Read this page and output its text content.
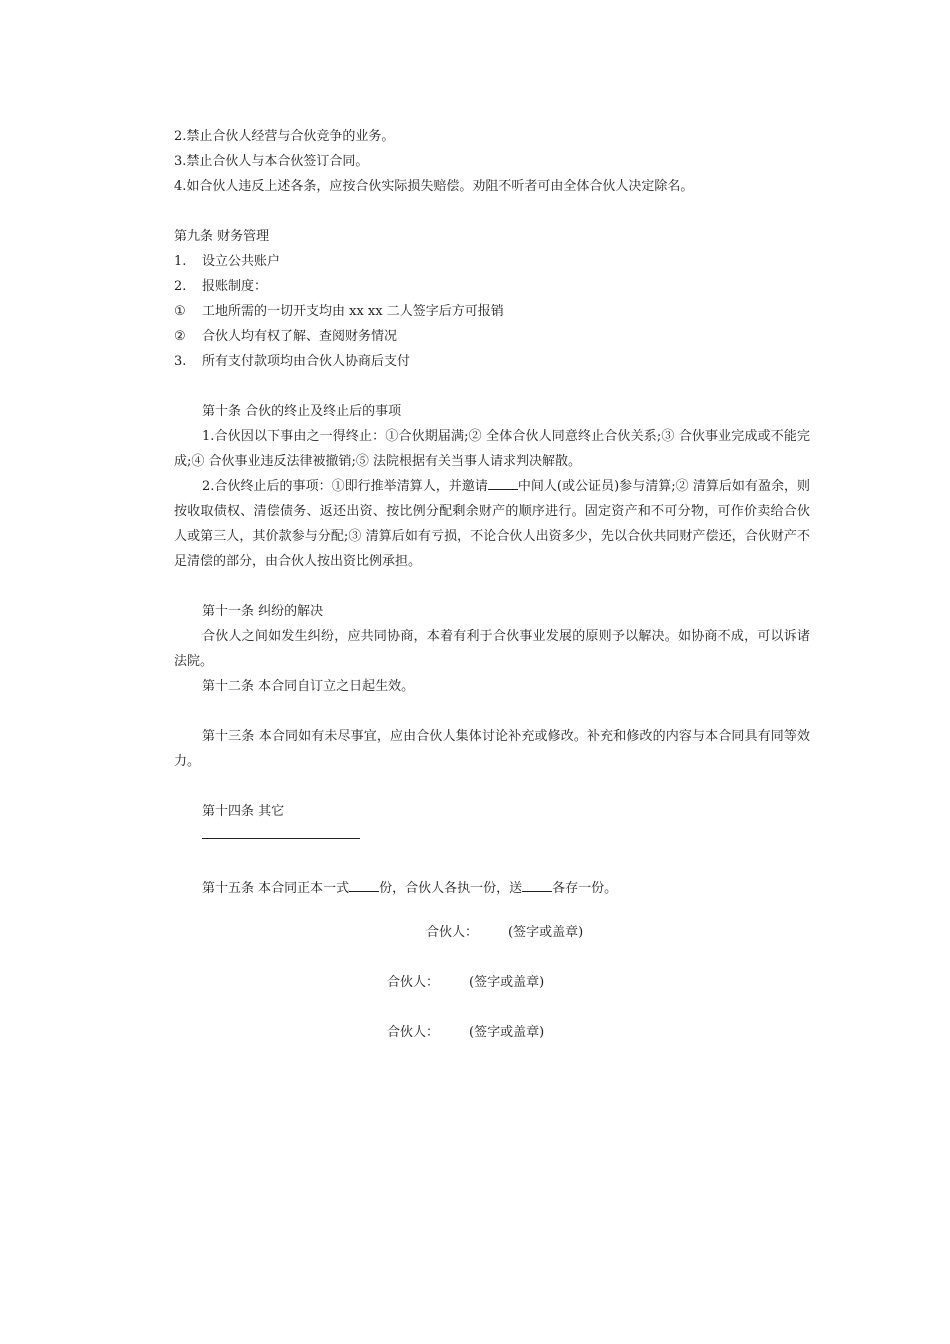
2.禁止合伙人经营与合伙竞争的业务。
3.禁止合伙人与本合伙签订合同。
4.如合伙人违反上述各条，应按合伙实际损失赔偿。劝阻不听者可由全体合伙人决定除名。
第九条 财务管理
1. 设立公共账户
2. 报账制度：
① 工地所需的一切开支均由 xx xx 二人签字后方可报销
② 合伙人均有权了解、查阅财务情况
3. 所有支付款项均由合伙人协商后支付
第十条 合伙的终止及终止后的事项
1.合伙因以下事由之一得终止：①合伙期届满;② 全体合伙人同意终止合伙关系;③ 合伙事业完成或不能完成;④ 合伙事业违反法律被撤销;⑤ 法院根据有关当事人请求判决解散。
2.合伙终止后的事项：①即行推举清算人，并邀请 中间人(或公证员)参与清算;② 清算后如有盈余，则按收取债权、清偿债务、返还出资、按比例分配剩余财产的顺序进行。固定资产和不可分物，可作价卖给合伙人或第三人，其价款参与分配;③ 清算后如有亏损，不论合伙人出资多少，先以合伙共同财产偿还，合伙财产不足清偿的部分，由合伙人按出资比例承担。
第十一条 纠纷的解决
合伙人之间如发生纠纷，应共同协商，本着有利于合伙事业发展的原则予以解决。如协商不成，可以诉诸法院。
第十二条 本合同自订立之日起生效。
第十三条 本合同如有未尽事宜，应由合伙人集体讨论补充或修改。补充和修改的内容与本合同具有同等效力。
第十四条 其它
第十五条 本合同正本一式 份，合伙人各执一份，送 各存一份。
合伙人： (签字或盖章)
合伙人： (签字或盖章)
合伙人： (签字或盖章)
